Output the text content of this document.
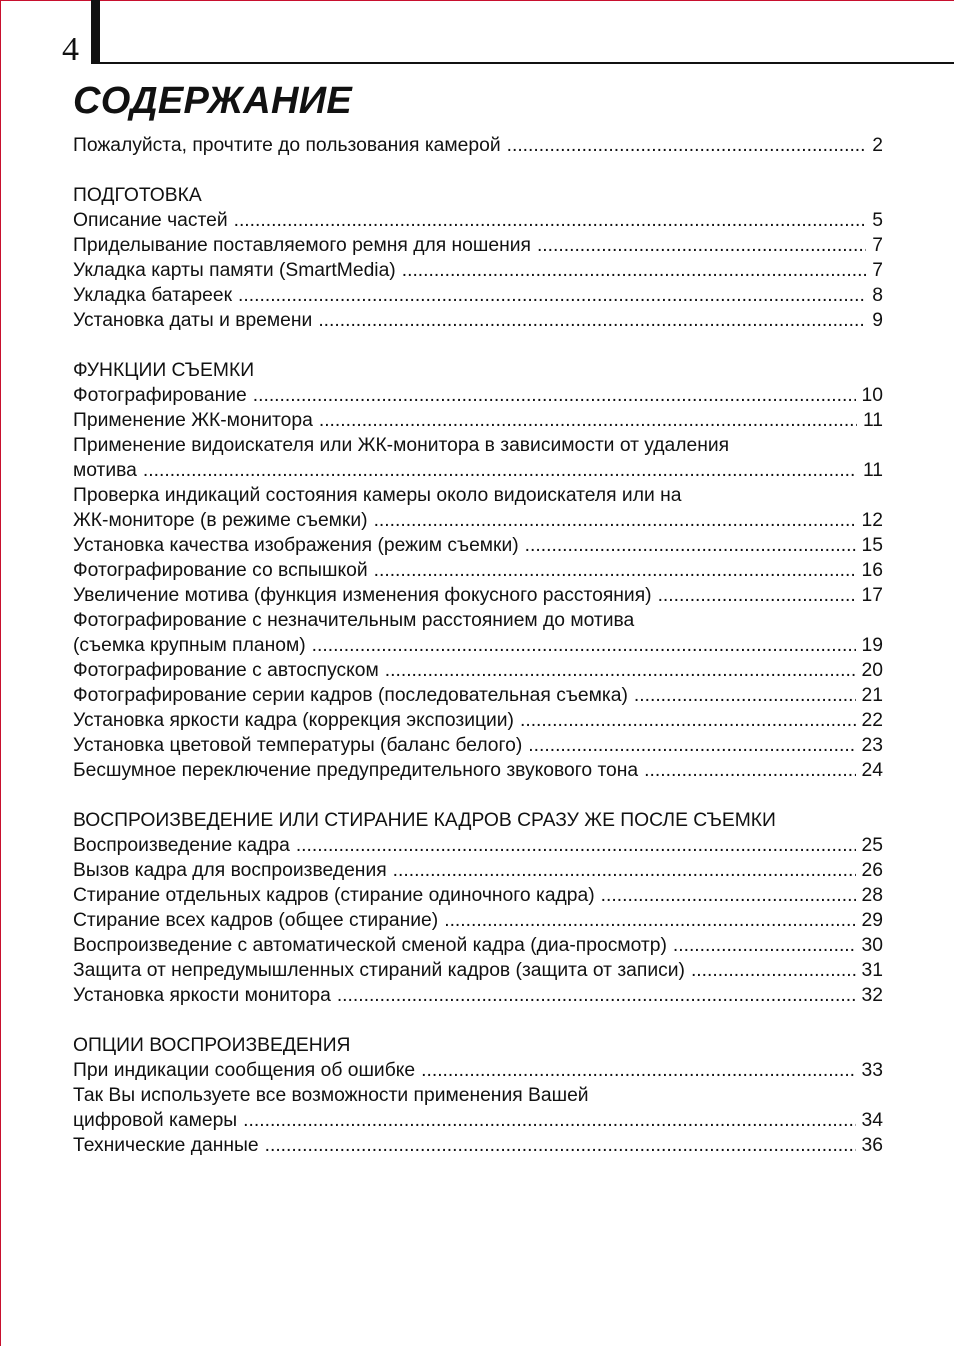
4
СОДЕРЖАНИЕ
Пожалуйста, прочтите до пользования камерой .....	2
ПОДГОТОВКА
Описание частей .....	5
Приделывание поставляемого ремня для ношения .....	7
Укладка карты памяти (SmartMedia) .....	7
Укладка батареек .....	8
Установка даты и времени .....	9
ФУНКЦИИ СЪЕМКИ
Фотографирование .....	10
Применение ЖК-монитора .....	11
Применение видоискателя или ЖК-монитора в зависимости от удаления
мотива .....	11
Проверка индикаций состояния камеры около видоискателя или на
ЖК-мониторе (в режиме съемки) .....	12
Установка качества изображения (режим съемки) .....	15
Фотографирование со вспышкой .....	16
Увеличение мотива (функция изменения фокусного расстояния) .....	17
Фотографирование с незначительным расстоянием до мотива
(съемка крупным планом) .....	19
Фотографирование с автоспуском .....	20
Фотографирование серии кадров (последовательная съемка) .....	21
Установка яркости кадра (коррекция экспозиции) .....	22
Установка цветовой температуры (баланс белого) .....	23
Бесшумное переключение предупредительного звукового тона .....	24
ВОСПРОИЗВЕДЕНИЕ ИЛИ СТИРАНИЕ КАДРОВ СРАЗУ ЖЕ ПОСЛЕ СЪЕМКИ
Воспроизведение кадра .....	25
Вызов кадра для воспроизведения .....	26
Стирание отдельных кадров (стирание одиночного кадра) .....	28
Стирание всех кадров (общее стирание) .....	29
Воспроизведение с автоматической сменой кадра (диа-просмотр) .....	30
Защита от непредумышленных стираний кадров (защита от записи) .....	31
Установка яркости монитора .....	32
ОПЦИИ ВОСПРОИЗВЕДЕНИЯ
При индикации сообщения об ошибке .....	33
Так Вы используете все возможности применения Вашей
цифровой камеры .....	34
Технические данные .....	36
